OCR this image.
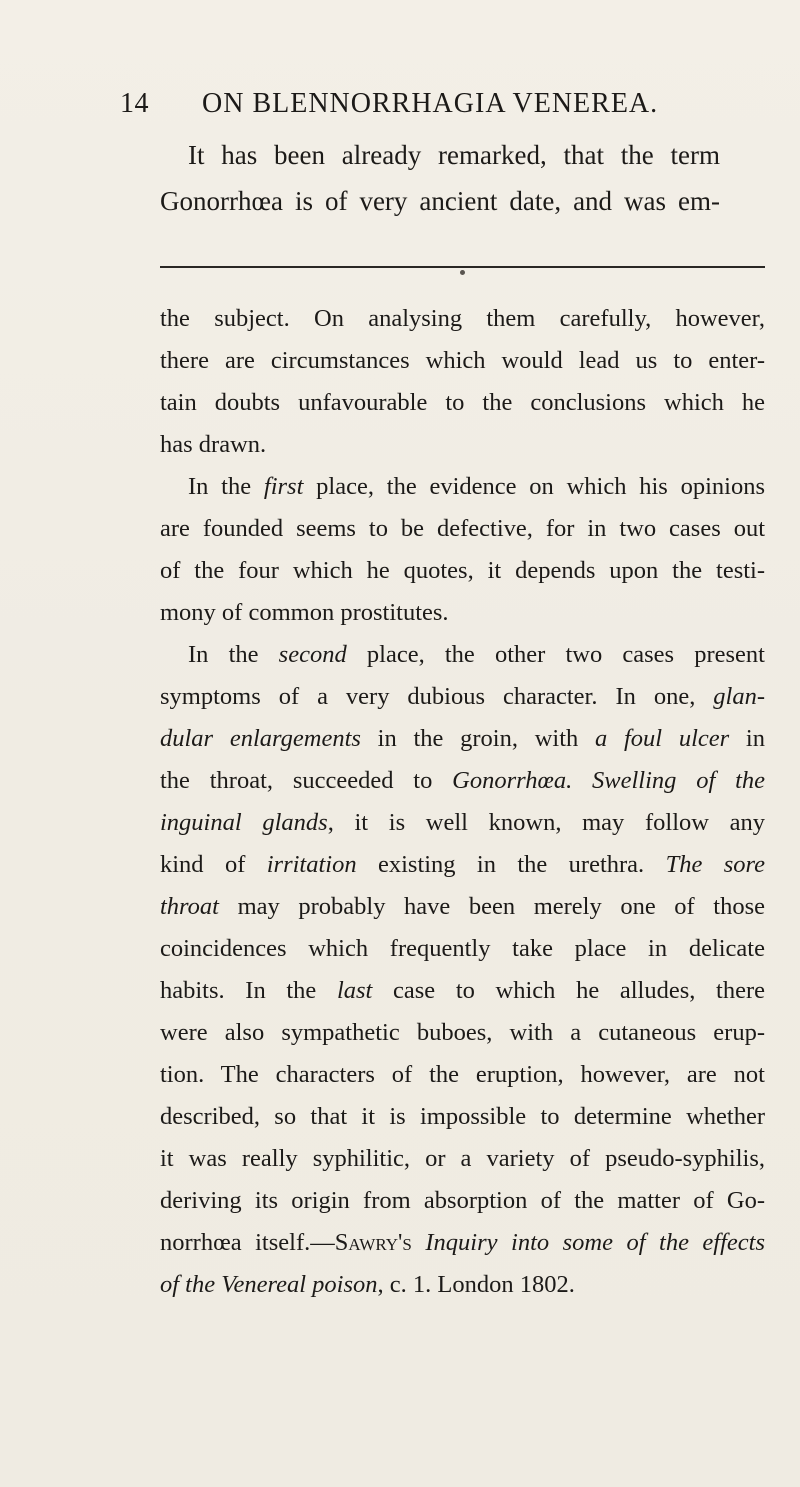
14 ON BLENNORRHAGIA VENEREA.

It has been already remarked, that the term
Gonorrhœa is of very ancient date, and was em-

the subject. On analysing them carefully, however,
there are circumstances which would lead us to enter-
tain doubts unfavourable to the conclusions which he
has drawn.
In the first place, the evidence on which his opinions
are founded seems to be defective, for in two cases out
of the four which he quotes, it depends upon the testi-
mony of common prostitutes.
In the second place, the other two cases present
symptoms of a very dubious character. In one, glan-
dular enlargements in the groin, with a foul ulcer in
the throat, succeeded to Gonorrhœa. Swelling of the
inguinal glands, it is well known, may follow any
kind of irritation existing in the urethra. The sore
throat may probably have been merely one of those
coincidences which frequently take place in delicate
habits. In the last case to which he alludes, there
were also sympathetic buboes, with a cutaneous erup-
tion. The characters of the eruption, however, are not
described, so that it is impossible to determine whether
it was really syphilitic, or a variety of pseudo-syphilis,
deriving its origin from absorption of the matter of Go-
norrhœa itself.—Sawry's Inquiry into some of the effects
of the Venereal poison, c. 1. London 1802.
